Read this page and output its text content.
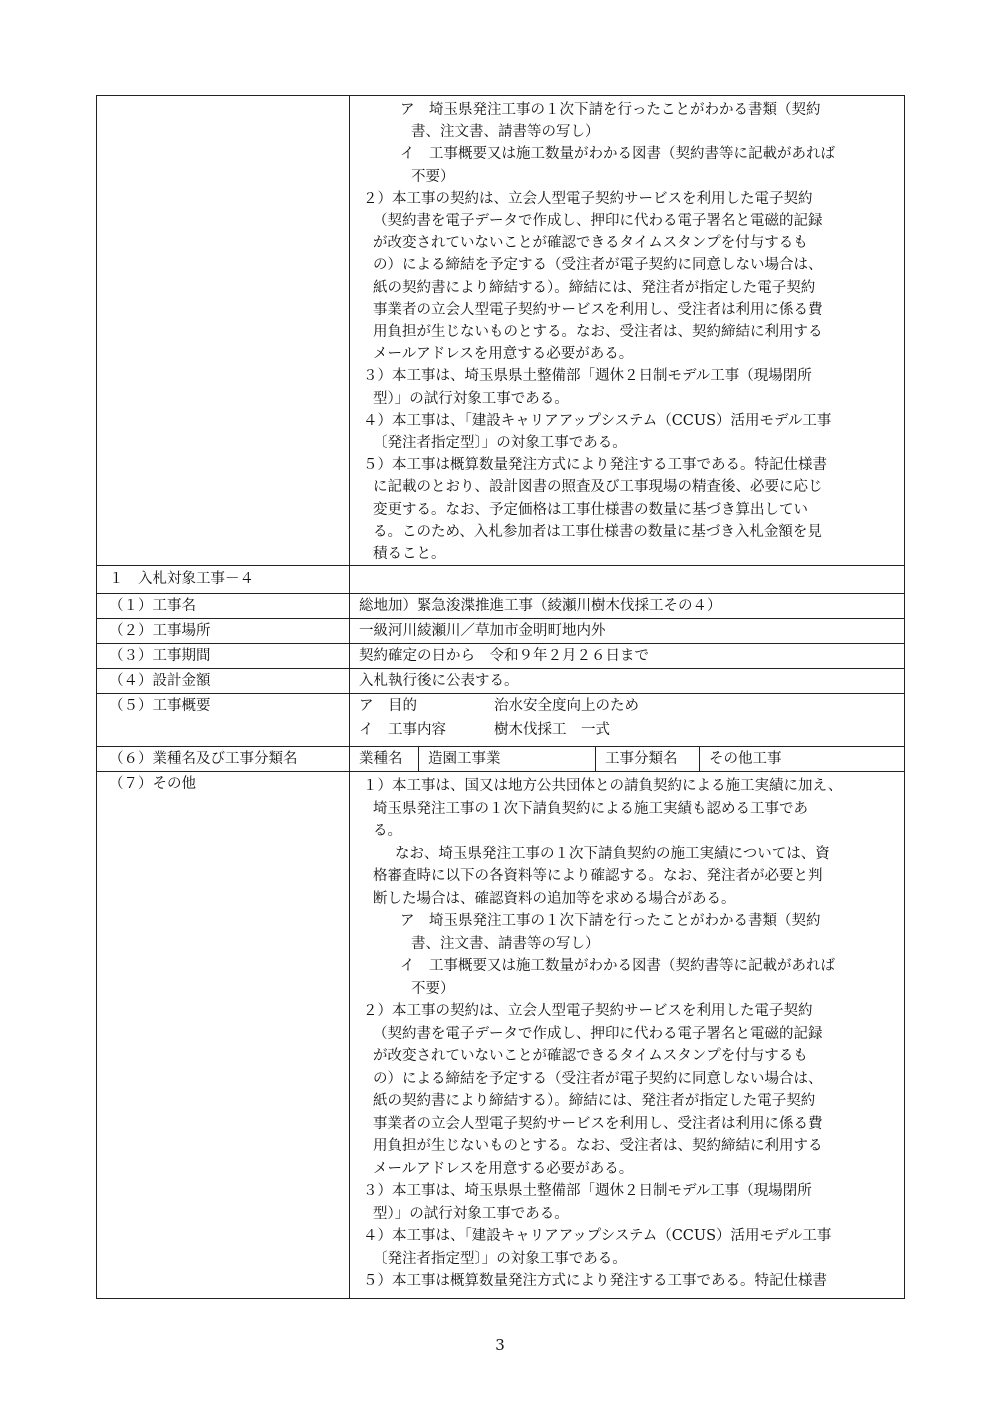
ア　埼玉県発注工事の１次下請を行ったことがわかる書類（契約
書、注文書、請書等の写し）
イ　工事概要又は施工数量がわかる図書（契約書等に記載があれば
不要）
２）本工事の契約は、立会人型電子契約サービスを利用した電子契約
（契約書を電子データで作成し、押印に代わる電子署名と電磁的記録
が改変されていないことが確認できるタイムスタンプを付与するも
の）による締結を予定する（受注者が電子契約に同意しない場合は、
紙の契約書により締結する）。締結には、発注者が指定した電子契約
事業者の立会人型電子契約サービスを利用し、受注者は利用に係る費
用負担が生じないものとする。なお、受注者は、契約締結に利用する
メールアドレスを用意する必要がある。
３）本工事は、埼玉県県土整備部「週休２日制モデル工事（現場閉所
型）」の試行対象工事である。
４）本工事は、「建設キャリアアップシステム（CCUS）活用モデル工事
〔発注者指定型〕」の対象工事である。
５）本工事は概算数量発注方式により発注する工事である。特記仕様書
に記載のとおり、設計図書の照査及び工事現場の精査後、必要に応じ
変更する。なお、予定価格は工事仕様書の数量に基づき算出してい
る。このため、入札参加者は工事仕様書の数量に基づき入札金額を見
積ること。
１　入札対象工事－４
（１）工事名	総地加）緊急浚渫推進工事（綾瀬川樹木伐採工その４）
（２）工事場所	一級河川綾瀬川／草加市金明町地内外
（３）工事期間	契約確定の日から　令和９年２月２６日まで
（４）設計金額	入札執行後に公表する。
（５）工事概要	ア　目的	治水安全度向上のため
イ　工事内容	樹木伐採工　一式
（６）業種名及び工事分類名	業種名 造園工事業	工事分類名 その他工事
（７）その他	１）本工事は、国又は地方公共団体との請負契約による施工実績に加え、
埼玉県発注工事の１次下請負契約による施工実績も認める工事であ
る。
なお、埼玉県発注工事の１次下請負契約の施工実績については、資
格審査時に以下の各資料等により確認する。なお、発注者が必要と判
断した場合は、確認資料の追加等を求める場合がある。
ア　埼玉県発注工事の１次下請を行ったことがわかる書類（契約
書、注文書、請書等の写し）
イ　工事概要又は施工数量がわかる図書（契約書等に記載があれば
不要）
２）本工事の契約は、立会人型電子契約サービスを利用した電子契約
（契約書を電子データで作成し、押印に代わる電子署名と電磁的記録
が改変されていないことが確認できるタイムスタンプを付与するも
の）による締結を予定する（受注者が電子契約に同意しない場合は、
紙の契約書により締結する）。締結には、発注者が指定した電子契約
事業者の立会人型電子契約サービスを利用し、受注者は利用に係る費
用負担が生じないものとする。なお、受注者は、契約締結に利用する
メールアドレスを用意する必要がある。
３）本工事は、埼玉県県土整備部「週休２日制モデル工事（現場閉所
型）」の試行対象工事である。
４）本工事は、「建設キャリアアップシステム（CCUS）活用モデル工事
〔発注者指定型〕」の対象工事である。
５）本工事は概算数量発注方式により発注する工事である。特記仕様書
3
